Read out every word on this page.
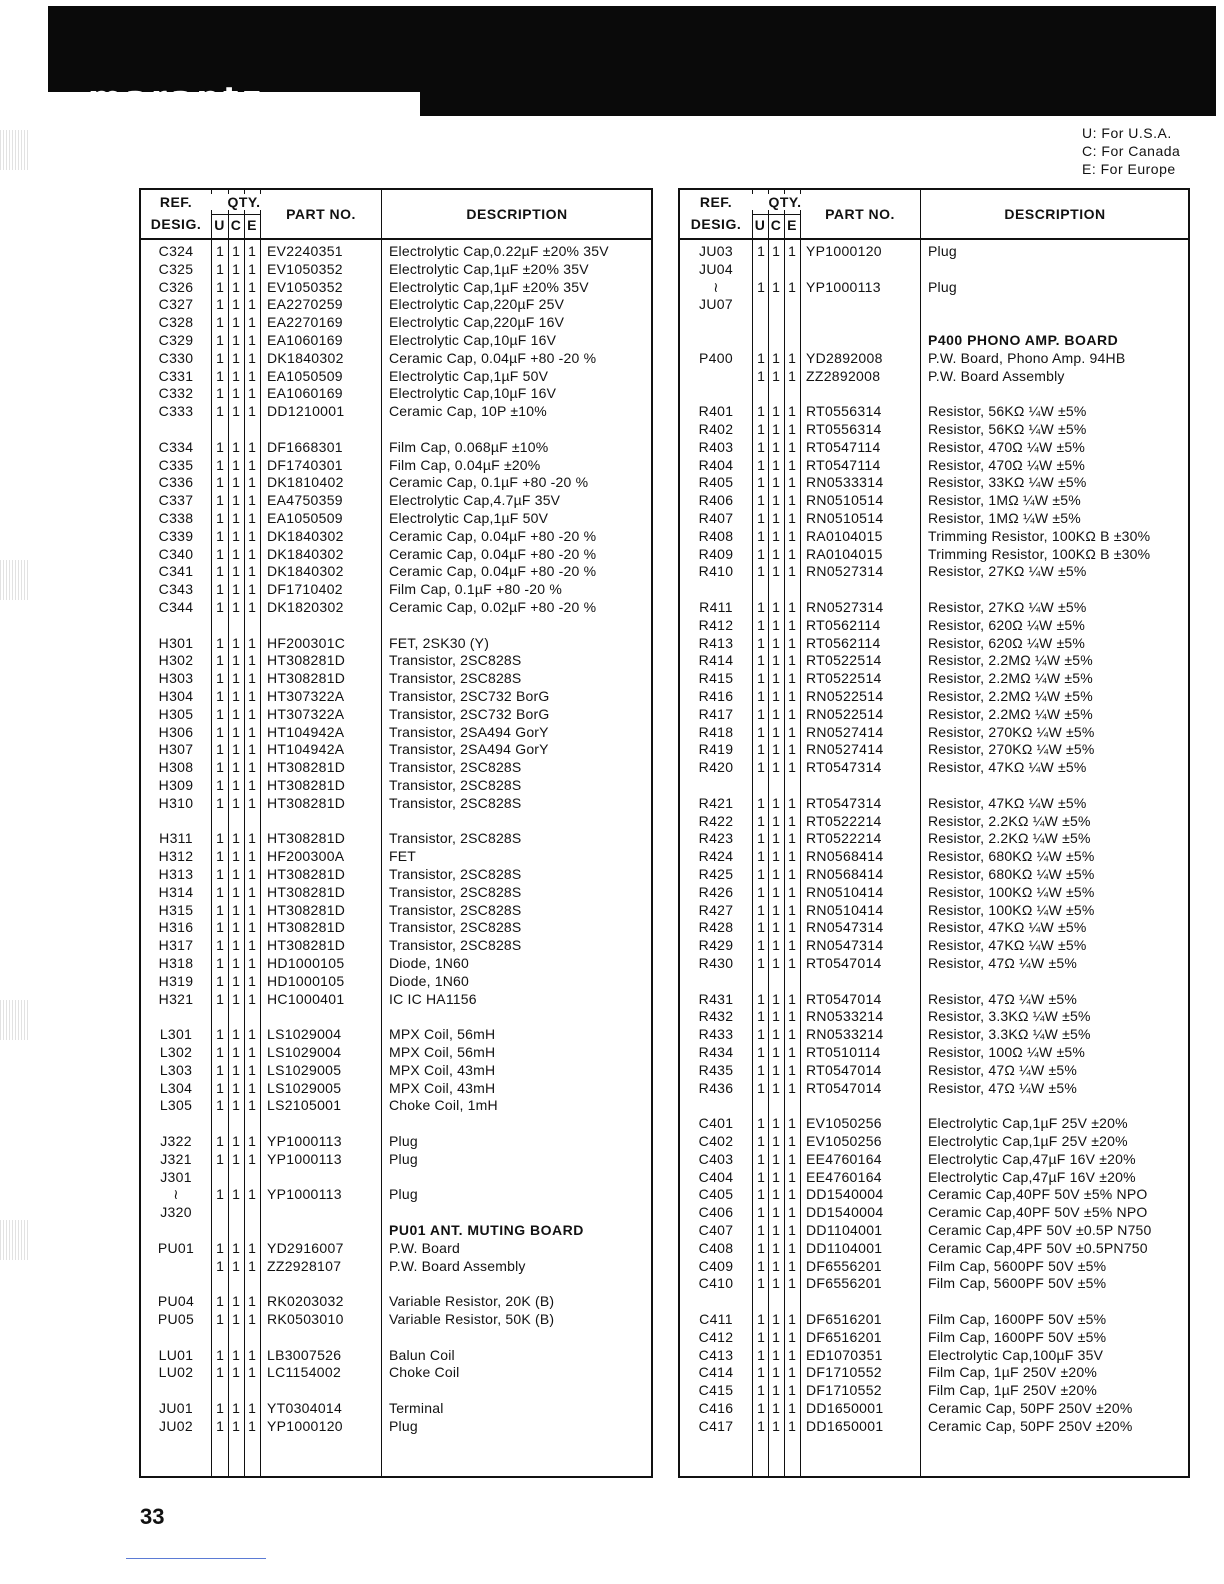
marantz
U: For U.S.A.
C: For Canada
E: For Europe
REF.
DESIG.
QTY.
U C E
PART NO.	DESCRIPTION
C324	1 1 1 EV2240351	Electrolytic Cap,0.22µF ±20% 35V
C325	1 1 1 EV1050352	Electrolytic Cap,1µF ±20% 35V
C326	1 1 1 EV1050352	Electrolytic Cap,1µF ±20% 35V
C327	1 1 1 EA2270259	Electrolytic Cap,220µF 25V
C328	1 1 1 EA2270169	Electrolytic Cap,220µF 16V
C329	1 1 1 EA1060169	Electrolytic Cap,10µF 16V
C330	1 1 1 DK1840302	Ceramic Cap, 0.04µF +80 -20 %
C331	1 1 1 EA1050509	Electrolytic Cap,1µF 50V
C332	1 1 1 EA1060169	Electrolytic Cap,10µF 16V
C333	1 1 1 DD1210001	Ceramic Cap, 10P ±10%
C334	1 1 1 DF1668301	Film Cap, 0.068µF ±10%
C335	1 1 1 DF1740301	Film Cap, 0.04µF ±20%
C336	1 1 1 DK1810402	Ceramic Cap, 0.1µF +80 -20 %
C337	1 1 1 EA4750359	Electrolytic Cap,4.7µF 35V
C338	1 1 1 EA1050509	Electrolytic Cap,1µF 50V
C339	1 1 1 DK1840302	Ceramic Cap, 0.04µF +80 -20 %
C340	1 1 1 DK1840302	Ceramic Cap, 0.04µF +80 -20 %
C341	1 1 1 DK1840302	Ceramic Cap, 0.04µF +80 -20 %
C343	1 1 1 DF1710402	Film Cap, 0.1µF +80 -20 %
C344	1 1 1 DK1820302	Ceramic Cap, 0.02µF +80 -20 %
H301	1 1 1 HF200301C	FET, 2SK30 (Y)
H302	1 1 1 HT308281D	Transistor, 2SC828S
H303	1 1 1 HT308281D	Transistor, 2SC828S
H304	1 1 1 HT307322A	Transistor, 2SC732 BorG
H305	1 1 1 HT307322A	Transistor, 2SC732 BorG
H306	1 1 1 HT104942A	Transistor, 2SA494 GorY
H307	1 1 1 HT104942A	Transistor, 2SA494 GorY
H308	1 1 1 HT308281D	Transistor, 2SC828S
H309	1 1 1 HT308281D	Transistor, 2SC828S
H310	1 1 1 HT308281D	Transistor, 2SC828S
H311	1 1 1 HT308281D	Transistor, 2SC828S
H312	1 1 1 HF200300A	FET
H313	1 1 1 HT308281D	Transistor, 2SC828S
H314	1 1 1 HT308281D	Transistor, 2SC828S
H315	1 1 1 HT308281D	Transistor, 2SC828S
H316	1 1 1 HT308281D	Transistor, 2SC828S
H317	1 1 1 HT308281D	Transistor, 2SC828S
H318	1 1 1 HD1000105	Diode, 1N60
H319	1 1 1 HD1000105	Diode, 1N60
H321	1 1 1 HC1000401	IC IC HA1156
L301	1 1 1 LS1029004	MPX Coil, 56mH
L302	1 1 1 LS1029004	MPX Coil, 56mH
L303	1 1 1 LS1029005	MPX Coil, 43mH
L304	1 1 1 LS1029005	MPX Coil, 43mH
L305	1 1 1 LS2105001	Choke Coil, 1mH
J322	1 1 1 YP1000113	Plug
J321	1 1 1 YP1000113	Plug
J301
≀	1 1 1 YP1000113	Plug
J320
PU01 ANT. MUTING BOARD
PU01	1 1 1 YD2916007	P.W. Board
1 1 1 ZZ2928107	P.W. Board Assembly
PU04	1 1 1 RK0203032	Variable Resistor, 20K (B)
PU05	1 1 1 RK0503010	Variable Resistor, 50K (B)
LU01	1 1 1 LB3007526	Balun Coil
LU02	1 1 1 LC1154002	Choke Coil
JU01	1 1 1 YT0304014	Terminal
JU02	1 1 1 YP1000120	Plug
REF.
DESIG.
QTY.
U C E
PART NO.	DESCRIPTION
JU03	1 1 1 YP1000120	Plug
JU04
≀	1 1 1 YP1000113	Plug
JU07
P400 PHONO AMP. BOARD
P400	1 1 1 YD2892008	P.W. Board, Phono Amp. 94HB
1 1 1 ZZ2892008	P.W. Board Assembly
R401	1 1 1 RT0556314	Resistor, 56KΩ ¼W ±5%
R402	1 1 1 RT0556314	Resistor, 56KΩ ¼W ±5%
R403	1 1 1 RT0547114	Resistor, 470Ω ¼W ±5%
R404	1 1 1 RT0547114	Resistor, 470Ω ¼W ±5%
R405	1 1 1 RN0533314	Resistor, 33KΩ ¼W ±5%
R406	1 1 1 RN0510514	Resistor, 1MΩ ¼W ±5%
R407	1 1 1 RN0510514	Resistor, 1MΩ ¼W ±5%
R408	1 1 1 RA0104015	Trimming Resistor, 100KΩ B ±30%
R409	1 1 1 RA0104015	Trimming Resistor, 100KΩ B ±30%
R410	1 1 1 RN0527314	Resistor, 27KΩ ¼W ±5%
R411	1 1 1 RN0527314	Resistor, 27KΩ ¼W ±5%
R412	1 1 1 RT0562114	Resistor, 620Ω ¼W ±5%
R413	1 1 1 RT0562114	Resistor, 620Ω ¼W ±5%
R414	1 1 1 RT0522514	Resistor, 2.2MΩ ¼W ±5%
R415	1 1 1 RT0522514	Resistor, 2.2MΩ ¼W ±5%
R416	1 1 1 RN0522514	Resistor, 2.2MΩ ¼W ±5%
R417	1 1 1 RN0522514	Resistor, 2.2MΩ ¼W ±5%
R418	1 1 1 RN0527414	Resistor, 270KΩ ¼W ±5%
R419	1 1 1 RN0527414	Resistor, 270KΩ ¼W ±5%
R420	1 1 1 RT0547314	Resistor, 47KΩ ¼W ±5%
R421	1 1 1 RT0547314	Resistor, 47KΩ ¼W ±5%
R422	1 1 1 RT0522214	Resistor, 2.2KΩ ¼W ±5%
R423	1 1 1 RT0522214	Resistor, 2.2KΩ ¼W ±5%
R424	1 1 1 RN0568414	Resistor, 680KΩ ¼W ±5%
R425	1 1 1 RN0568414	Resistor, 680KΩ ¼W ±5%
R426	1 1 1 RN0510414	Resistor, 100KΩ ¼W ±5%
R427	1 1 1 RN0510414	Resistor, 100KΩ ¼W ±5%
R428	1 1 1 RN0547314	Resistor, 47KΩ ¼W ±5%
R429	1 1 1 RN0547314	Resistor, 47KΩ ¼W ±5%
R430	1 1 1 RT0547014	Resistor, 47Ω ¼W ±5%
R431	1 1 1 RT0547014	Resistor, 47Ω ¼W ±5%
R432	1 1 1 RN0533214	Resistor, 3.3KΩ ¼W ±5%
R433	1 1 1 RN0533214	Resistor, 3.3KΩ ¼W ±5%
R434	1 1 1 RT0510114	Resistor, 100Ω ¼W ±5%
R435	1 1 1 RT0547014	Resistor, 47Ω ¼W ±5%
R436	1 1 1 RT0547014	Resistor, 47Ω ¼W ±5%
C401	1 1 1 EV1050256	Electrolytic Cap,1µF 25V ±20%
C402	1 1 1 EV1050256	Electrolytic Cap,1µF 25V ±20%
C403	1 1 1 EE4760164	Electrolytic Cap,47µF 16V ±20%
C404	1 1 1 EE4760164	Electrolytic Cap,47µF 16V ±20%
C405	1 1 1 DD1540004	Ceramic Cap,40PF 50V ±5% NPO
C406	1 1 1 DD1540004	Ceramic Cap,40PF 50V ±5% NPO
C407	1 1 1 DD1104001	Ceramic Cap,4PF 50V ±0.5P N750
C408	1 1 1 DD1104001	Ceramic Cap,4PF 50V ±0.5PN750
C409	1 1 1 DF6556201	Film Cap, 5600PF 50V ±5%
C410	1 1 1 DF6556201	Film Cap, 5600PF 50V ±5%
C411	1 1 1 DF6516201	Film Cap, 1600PF 50V ±5%
C412	1 1 1 DF6516201	Film Cap, 1600PF 50V ±5%
C413	1 1 1 ED1070351	Electrolytic Cap,100µF 35V
C414	1 1 1 DF1710552	Film Cap, 1µF 250V ±20%
C415	1 1 1 DF1710552	Film Cap, 1µF 250V ±20%
C416	1 1 1 DD1650001	Ceramic Cap, 50PF 250V ±20%
C417	1 1 1 DD1650001	Ceramic Cap, 50PF 250V ±20%
33
